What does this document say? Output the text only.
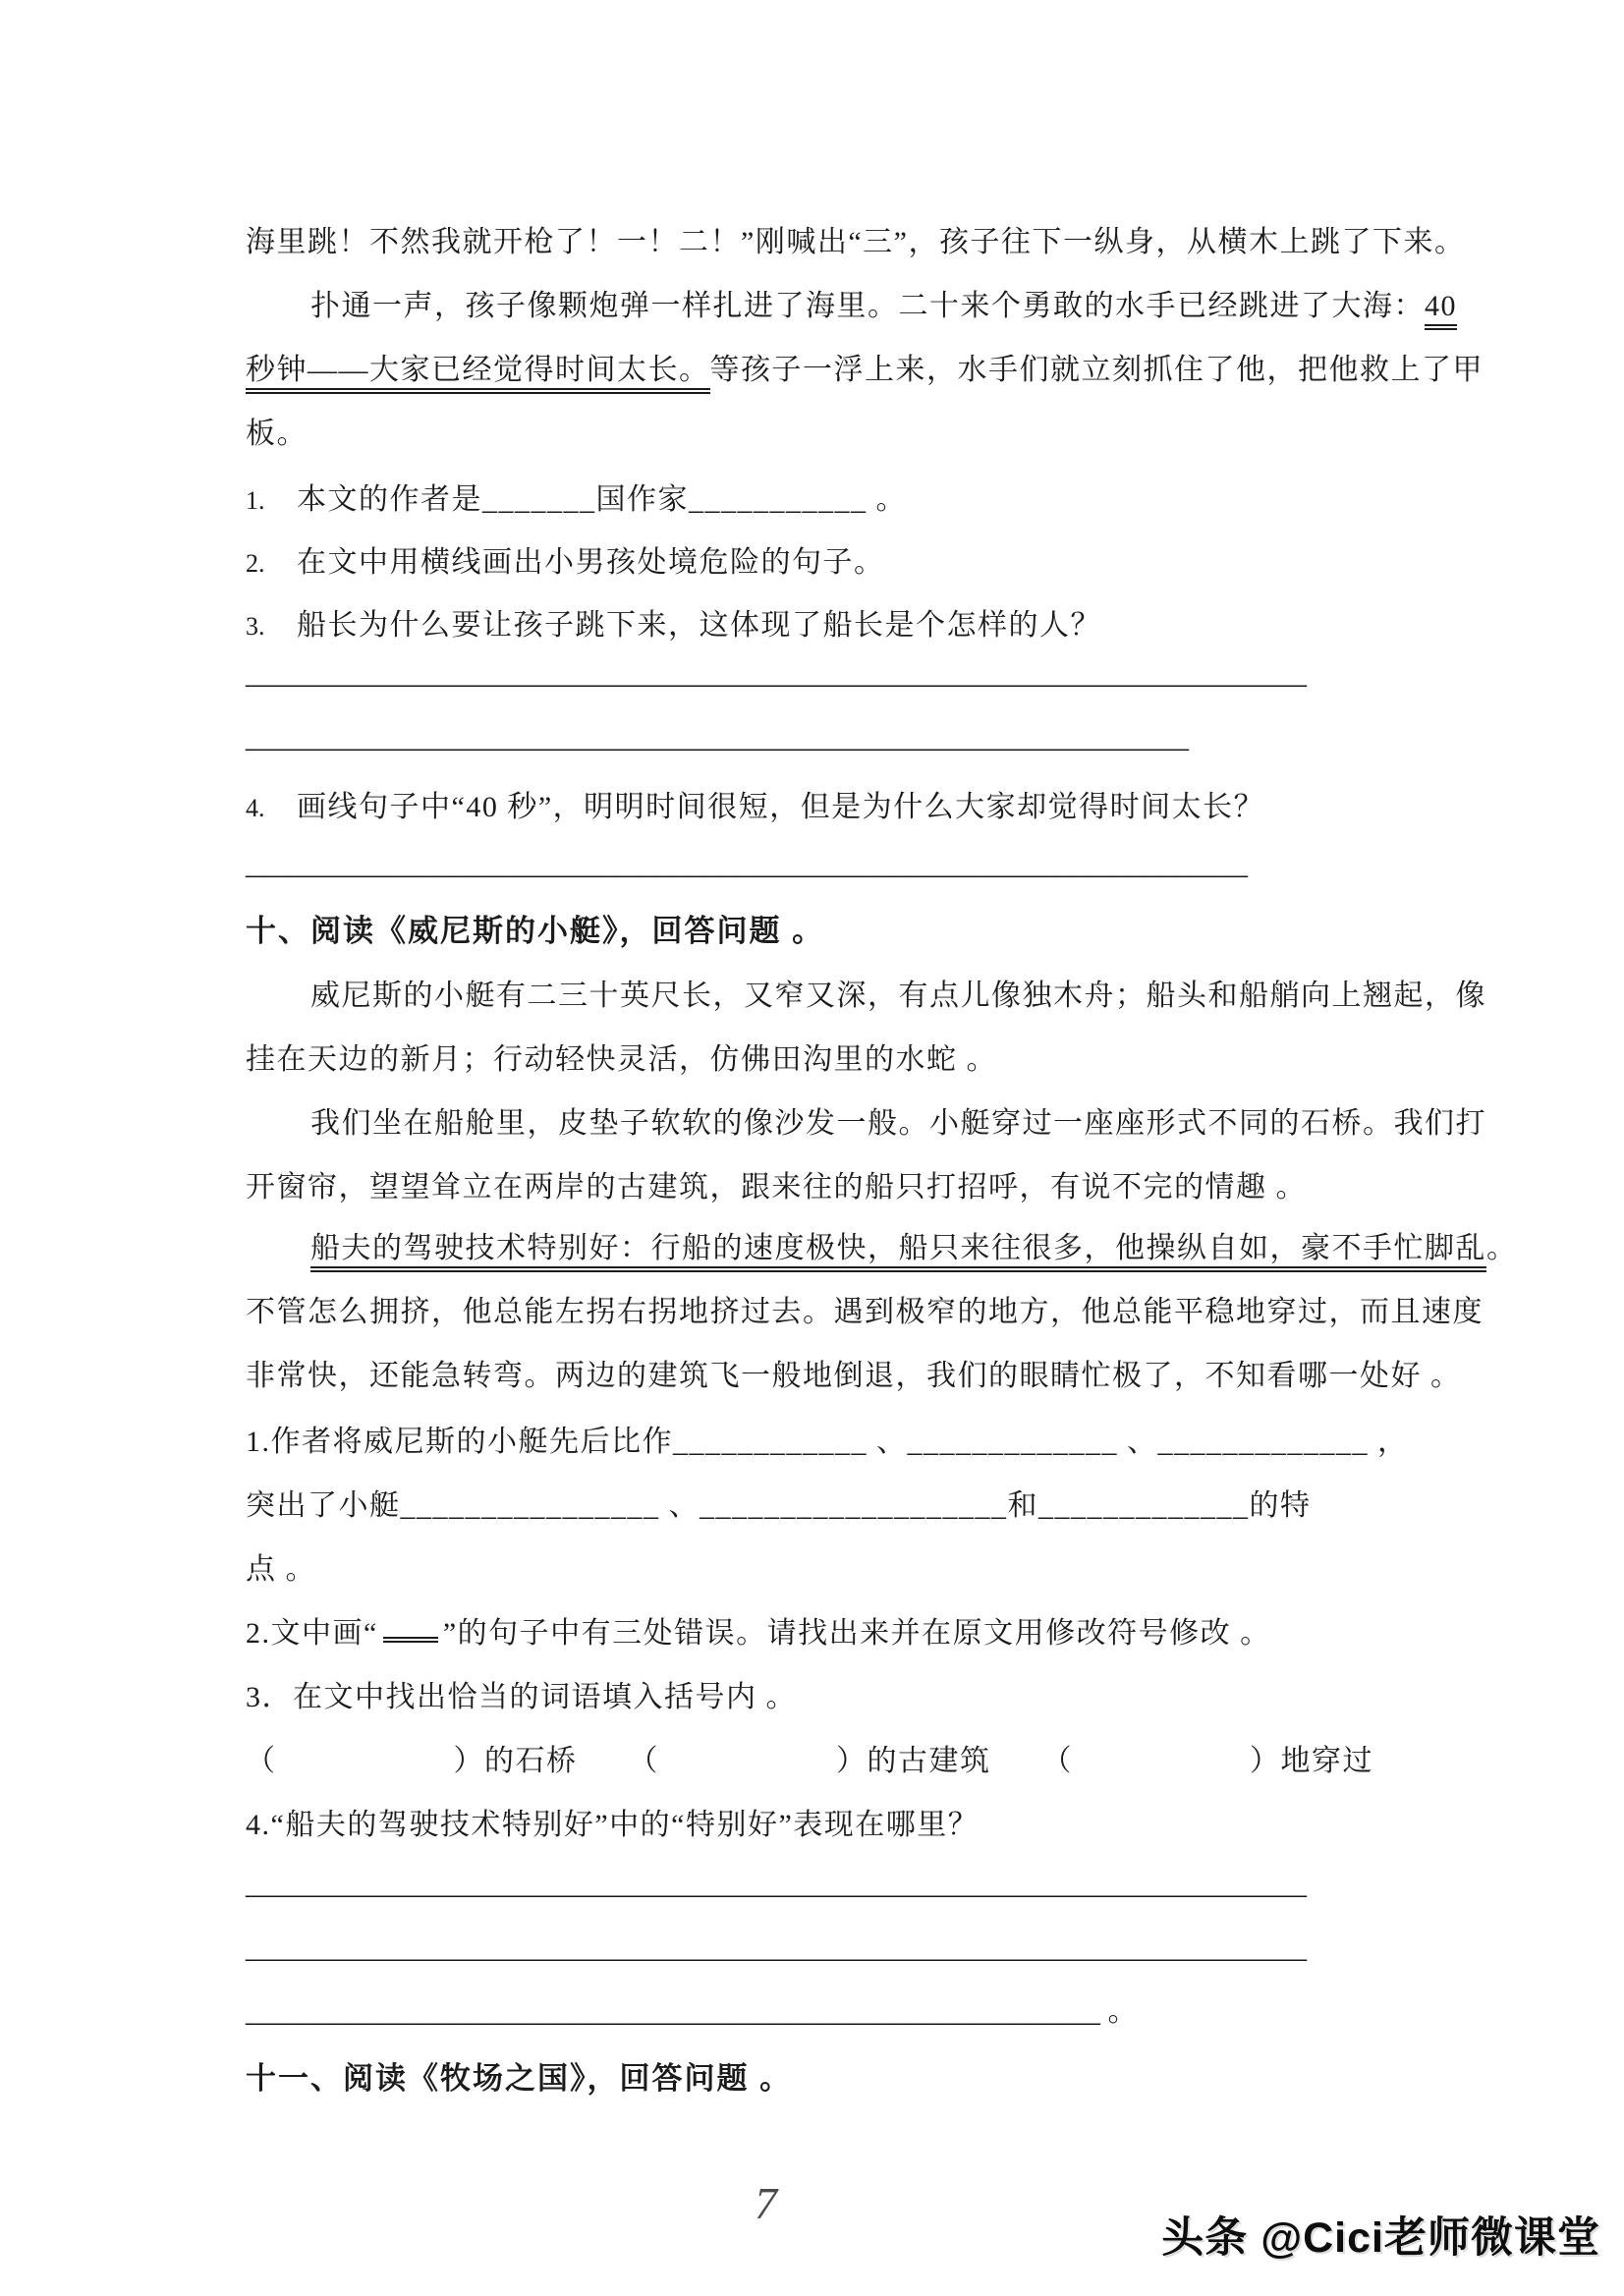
海里跳！不然我就开枪了！一！二！”刚喊出“三”，孩子往下一纵身，从横木上跳了下来。
扑通一声，孩子像颗炮弹一样扎进了海里。二十来个勇敢的水手已经跳进了大海：40
秒钟——大家已经觉得时间太长。等孩子一浮上来，水手们就立刻抓住了他，把他救上了甲
板。
1. 本文的作者是_______国作家___________ 。
2. 在文中用横线画出小男孩处境危险的句子。
3. 船长为什么要让孩子跳下来，这体现了船长是个怎样的人？
________________________________________________________________________
________________________________________________________________
4. 画线句子中“40 秒”，明明时间很短，但是为什么大家却觉得时间太长？
____________________________________________________________________
十、阅读《威尼斯的小艇》，回答问题 。
威尼斯的小艇有二三十英尺长，又窄又深，有点儿像独木舟；船头和船艄向上翘起，像
挂在天边的新月；行动轻快灵活，仿佛田沟里的水蛇 。
我们坐在船舱里，皮垫子软软的像沙发一般。小艇穿过一座座形式不同的石桥。我们打
开窗帘，望望耸立在两岸的古建筑，跟来往的船只打招呼，有说不完的情趣 。
船夫的驾驶技术特别好：行船的速度极快，船只来往很多，他操纵自如，豪不手忙脚乱。
不管怎么拥挤，他总能左拐右拐地挤过去。遇到极窄的地方，他总能平稳地穿过，而且速度
非常快，还能急转弯。两边的建筑飞一般地倒退，我们的眼睛忙极了，不知看哪一处好 。
1.作者将威尼斯的小艇先后比作____________ 、_____________ 、_____________ ，
突出了小艇________________ 、___________________和_____________的特
点 。
2.文中画“ ”的句子中有三处错误。请找出来并在原文用修改符号修改 。
3．在文中找出恰当的词语填入括号内 。
（	）的石桥 （	）的古建筑 （	）地穿过
4.“船夫的驾驶技术特别好”中的“特别好”表现在哪里？
________________________________________________________________________
________________________________________________________________________
__________________________________________________________ 。
十一、阅读《牧场之国》，回答问题 。
7
头条 @Cici老师微课堂
